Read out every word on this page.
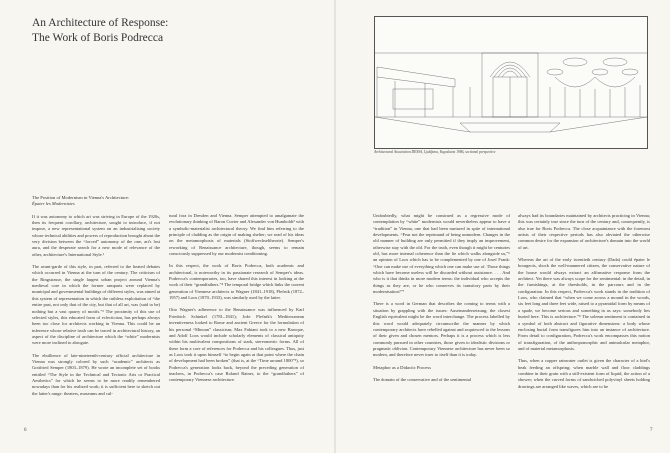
An Architecture of Response:
The Work of Boris Podrecca
The Position of Modernism in Vienna's Architecture:
Épater les Modernistes

If it was autonomy to which art was striving in Europe of the 1920s, then its frequent corollary, architecture, sought to introduce, if not impose, a new representational system on an industrialising society whose technical abilities and powers of reproduction brought about the very division between the “forced” autonomy of the one, art's lost aura, and the desperate search for a new mode of relevance of the other, architecture's International Style.¹

The avant-garde of this style, in part, referred to the heated debates which occurred in Vienna at the turn of the century. The criticism of the Ringstrasse, the single largest urban project around Vienna's medieval core in which the former ramparts were replaced by municipal and governmental buildings of different styles, was aimed at this system of representation in which the ruthless exploitation of “the entire past, not only that of the city, but that of all art, was (said to be) nothing but a vast quarry of motifs.”² The proximity of this use of selected styles, this educated form of eclecticism, has perhaps always been too close for architects working in Vienna. This could be an inference whose relative truth can be traced in architectural history, an aspect of the discipline of architecture which the “white” modernists were more inclined to abrogate.

The ebullience of late-nineteenth-century official architecture in Vienna was strongly colored by such “academic” architects as Gottfried Semper (1803–1879). He wrote an incomplete set of books entitled “The Style in the Technical and Tectonic Arts or Practical Aesthetics” for which he seems to be more readily remembered nowadays than for his realized work; it is sufficient here to sketch out the latter's range: theaters, museums and cul-

tural fora in Dresden and Vienna. Semper attempted to amalgamate the evolutionary thinking of Baron Cuvier and Alexander von Humboldt³ with a symbolic-materialist architectural theory. We find him referring to the principle of cladding as the origin of making shelter; we read of his ideas on the metamorphosis of materials (Stoffwechseltheorie). Semper's reworking of Renaissance architecture, though, seems to remain consciously suppressed by our modernist conditioning.

In this respect, the work of Boris Podrecca, both academic and architectural, is noteworthy in its passionate research of Semper's ideas. Podrecca's contemporaries, too, have shared this interest in looking at the work of their “grandfathers.”⁴ The temporal bridge which links the current generation of Viennese architects to Wagner (1841–1918), Plečnik (1872–1957) and Loos (1870–1933), was similarly used by the latter.

Otto Wagner's adherence to the Renaissance was influenced by Karl Friedrich Schinkel (1781–1841); Jože Plečnik's Mediterranean inventiveness looked to Rome and ancient Greece for the formulation of his personal “Minoan” classicism; Max Fabiani took to a new Baroque, and Adolf Loos would include scholarly elements of classical antiquity within his multivalent compositions of stark, stereometric forms. All of these form a core of references for Podrecca and his colleagues. Thus, just as Loos took it upon himself “to begin again at that point where the chain of development had been broken” (that is, at the “Time around 1800”⁵), so Podrecca's generation looks back, beyond the preceding generation of teachers, in Podrecca's case Roland Rainer, to the “grandfathers” of contemporary Viennese architecture.

6
Architectural Association DESSA, Ljubljana, Yugoslavia 1986, sectional perspective

Undoubtedly, what might be construed as a regressive mode of contemplation by “white” modernists would nevertheless appear to have a “tradition” in Vienna, one that had been nurtured in spite of international developments. “Fear not the reprimand of being unmodern. Changes in the old manner of building are only permitted if they imply an improvement, otherwise stay with the old. For the truth, even though it might be centuries old, has more internal coherence than the lie which walks alongside us,”⁶ an opinion of Loos which has to be complemented by one of Josef Frank: “One can make use of everything which one can make use of. Those things which have become useless will be discarded without assistance. . . . And who is it that thinks in more modern terms: the individual who accepts the things as they are, or he who conserves its transitory parts by their modernisation?”⁷

There is a word in German that describes the coming to terms with a situation by grappling with the issues: Auseinandersetzung; the closest English equivalent might be the word interchange. The process labelled by this word would adequately circumscribe the manner by which contemporary architects have rebelled against and acquiesced to the lessons of their given and chosen mentors. Perhaps it is a process which is less commonly pursued in other countries, those given to idealistic divisions or pragmatic oblivion. Contemporary Viennese architecture has never been so modern, and therefore never truer to itself than it is today.

Metaphor as a Didactic Process

The domain of the conservative and of the sentimental

always had its boundaries maintained by architects practicing in Vienna; this was certainly true since the turn of the century and, consequently, is also true for Boris Podrecca. The close acquaintance with the foremost artists of their respective periods has also obviated the otherwise common desire for the expansion of architecture's domain into the world of art.

Whereas the art of the early twentieth century (Dada) could épater le bourgeois, shock the well-mannered citizen, the conservative nature of the house would always extract an affirmative response from the architect. Yet there was always scope for the sentimental: in the detail, in the furnishings, at the thresholds, in the parcours and in the configuration. In this respect, Podrecca's work stands in the tradition of Loos, who claimed that “when we come across a mound in the woods, six feet long and three feet wide, raised to a pyramidal form by means of a spade, we become serious and something in us says: somebody lies buried here. This is architecture.”⁸ The solemn sentiment is contained in a symbol of both abstract and figurative dimensions: a body whose enclosing burial form transfigures him into an instance of architecture. From detail to configuration, Podrecca's work encompasses this notion of transfiguration, of the anthropomorphic and animalcular metaphor, and of material metamorphosis.

Thus, when a copper rainwater outlet is given the character of a bird's beak feeding an offspring; when marble wall and floor claddings combine in their grain with a still-existent form of liquid, the action of a shower; when the curved forms of sandwiched polyvinyl sheets holding drawings are arranged like waves, which are to be

7
